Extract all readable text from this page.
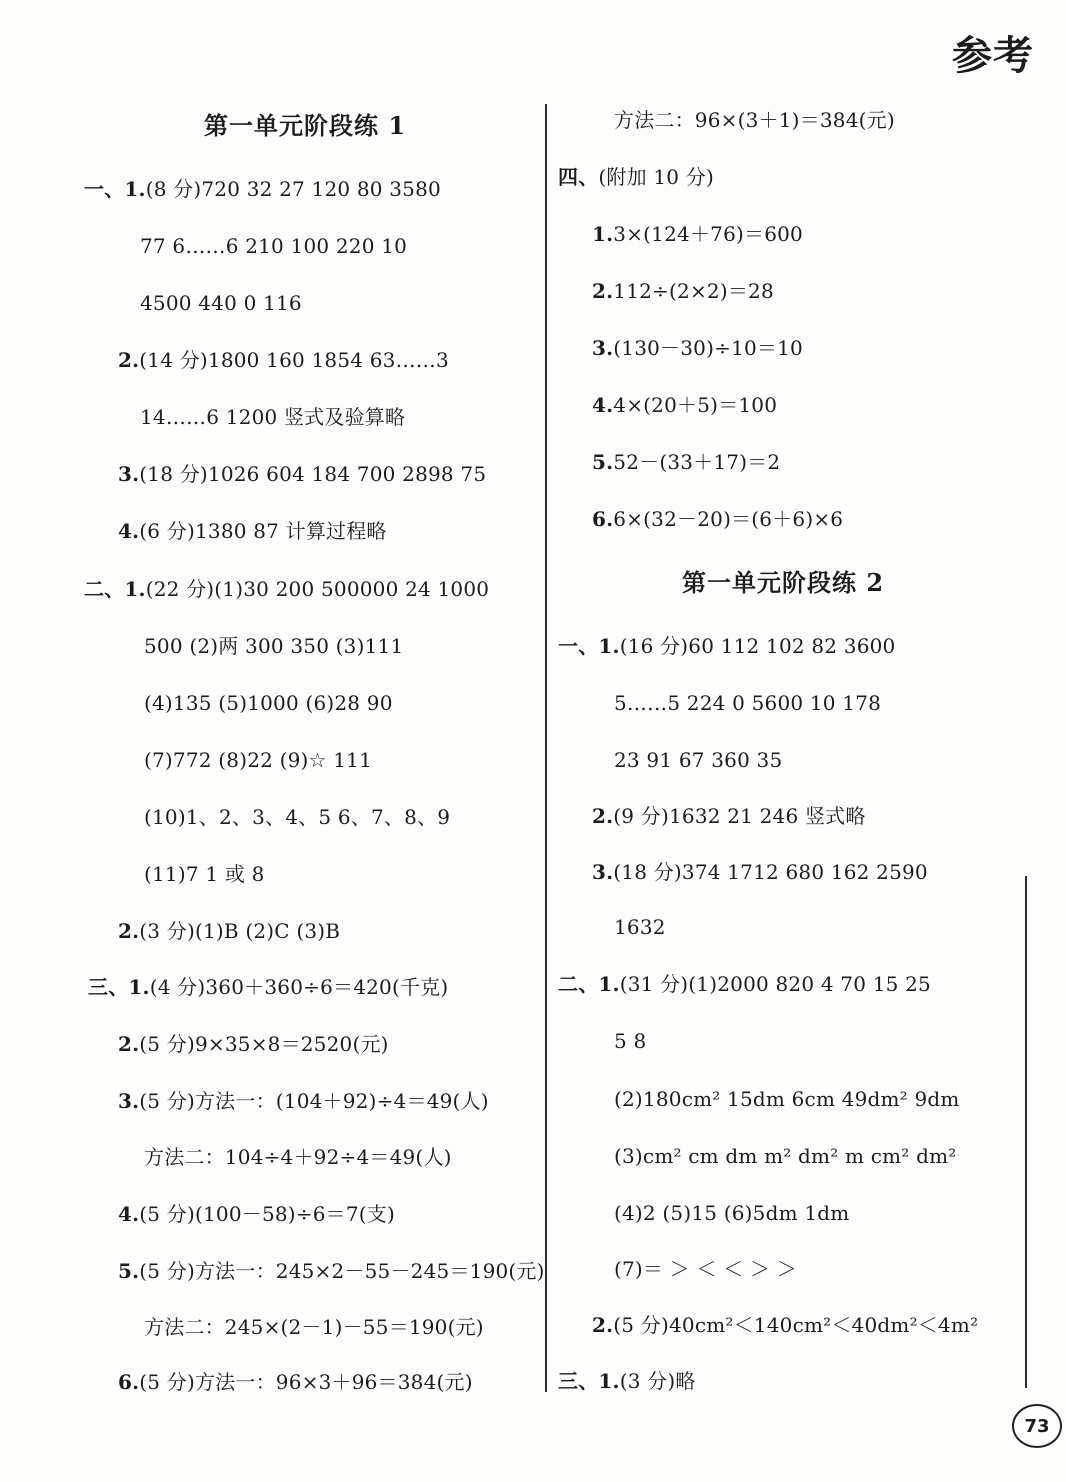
参考
第一单元阶段练 1
一、1.(8 分)720 32 27 120 80 3580
77 6……6 210 100 220 10
4500 440 0 116
2.(14 分)1800 160 1854 63……3
14……6 1200 竖式及验算略
3.(18 分)1026 604 184 700 2898 75
4.(6 分)1380 87 计算过程略
二、1.(22 分)(1)30 200 500000 24 1000
500 (2)两 300 350 (3)111
(4)135 (5)1000 (6)28 90
(7)772 (8)22 (9)☆ 111
(10)1、2、3、4、5 6、7、8、9
(11)7 1 或 8
2.(3 分)(1)B (2)C (3)B
三、1.(4 分)360＋360÷6＝420(千克)
2.(5 分)9×35×8＝2520(元)
3.(5 分)方法一：(104＋92)÷4＝49(人)
方法二：104÷4＋92÷4＝49(人)
4.(5 分)(100－58)÷6＝7(支)
5.(5 分)方法一：245×2－55－245＝190(元)
方法二：245×(2－1)－55＝190(元)
6.(5 分)方法一：96×3＋96＝384(元)
方法二：96×(3＋1)＝384(元)
四、(附加 10 分)
1.3×(124＋76)＝600
2.112÷(2×2)＝28
3.(130－30)÷10＝10
4.4×(20＋5)＝100
5.52－(33＋17)＝2
6.6×(32－20)＝(6＋6)×6
第一单元阶段练 2
一、1.(16 分)60 112 102 82 3600
5……5 224 0 5600 10 178
23 91 67 360 35
2.(9 分)1632 21 246 竖式略
3.(18 分)374 1712 680 162 2590
1632
二、1.(31 分)(1)2000 820 4 70 15 25
5 8
(2)180cm² 15dm 6cm 49dm² 9dm
(3)cm² cm dm m² dm² m cm² dm²
(4)2 (5)15 (6)5dm 1dm
(7)＝ ＞ ＜ ＜ ＞ ＞
2.(5 分)40cm²＜140cm²＜40dm²＜4m²
三、1.(3 分)略
73
